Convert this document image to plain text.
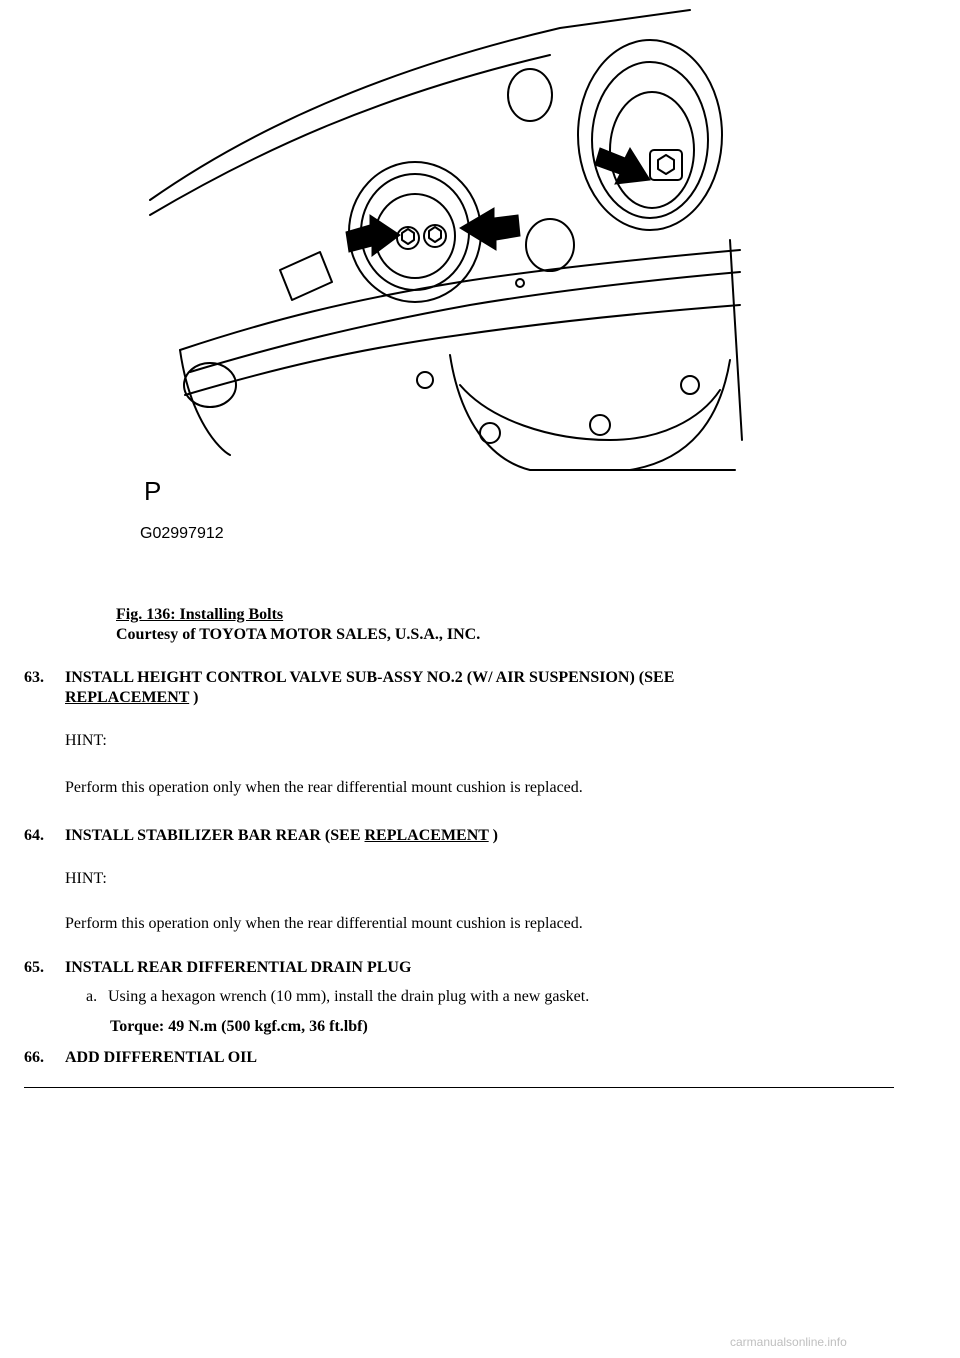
P
G02997912
Fig. 136: Installing Bolts
Courtesy of TOYOTA MOTOR SALES, U.S.A., INC.
63.	INSTALL HEIGHT CONTROL VALVE SUB-ASSY NO.2 (W/ AIR SUSPENSION) (SEE
REPLACEMENT )
HINT:
Perform this operation only when the rear differential mount cushion is replaced.
64.	INSTALL STABILIZER BAR REAR (SEE REPLACEMENT )
HINT:
Perform this operation only when the rear differential mount cushion is replaced.
65.	INSTALL REAR DIFFERENTIAL DRAIN PLUG
a. Using a hexagon wrench (10 mm), install the drain plug with a new gasket.
Torque: 49 N.m (500 kgf.cm, 36 ft.lbf)
66.	ADD DIFFERENTIAL OIL
carmanualsonline.info
